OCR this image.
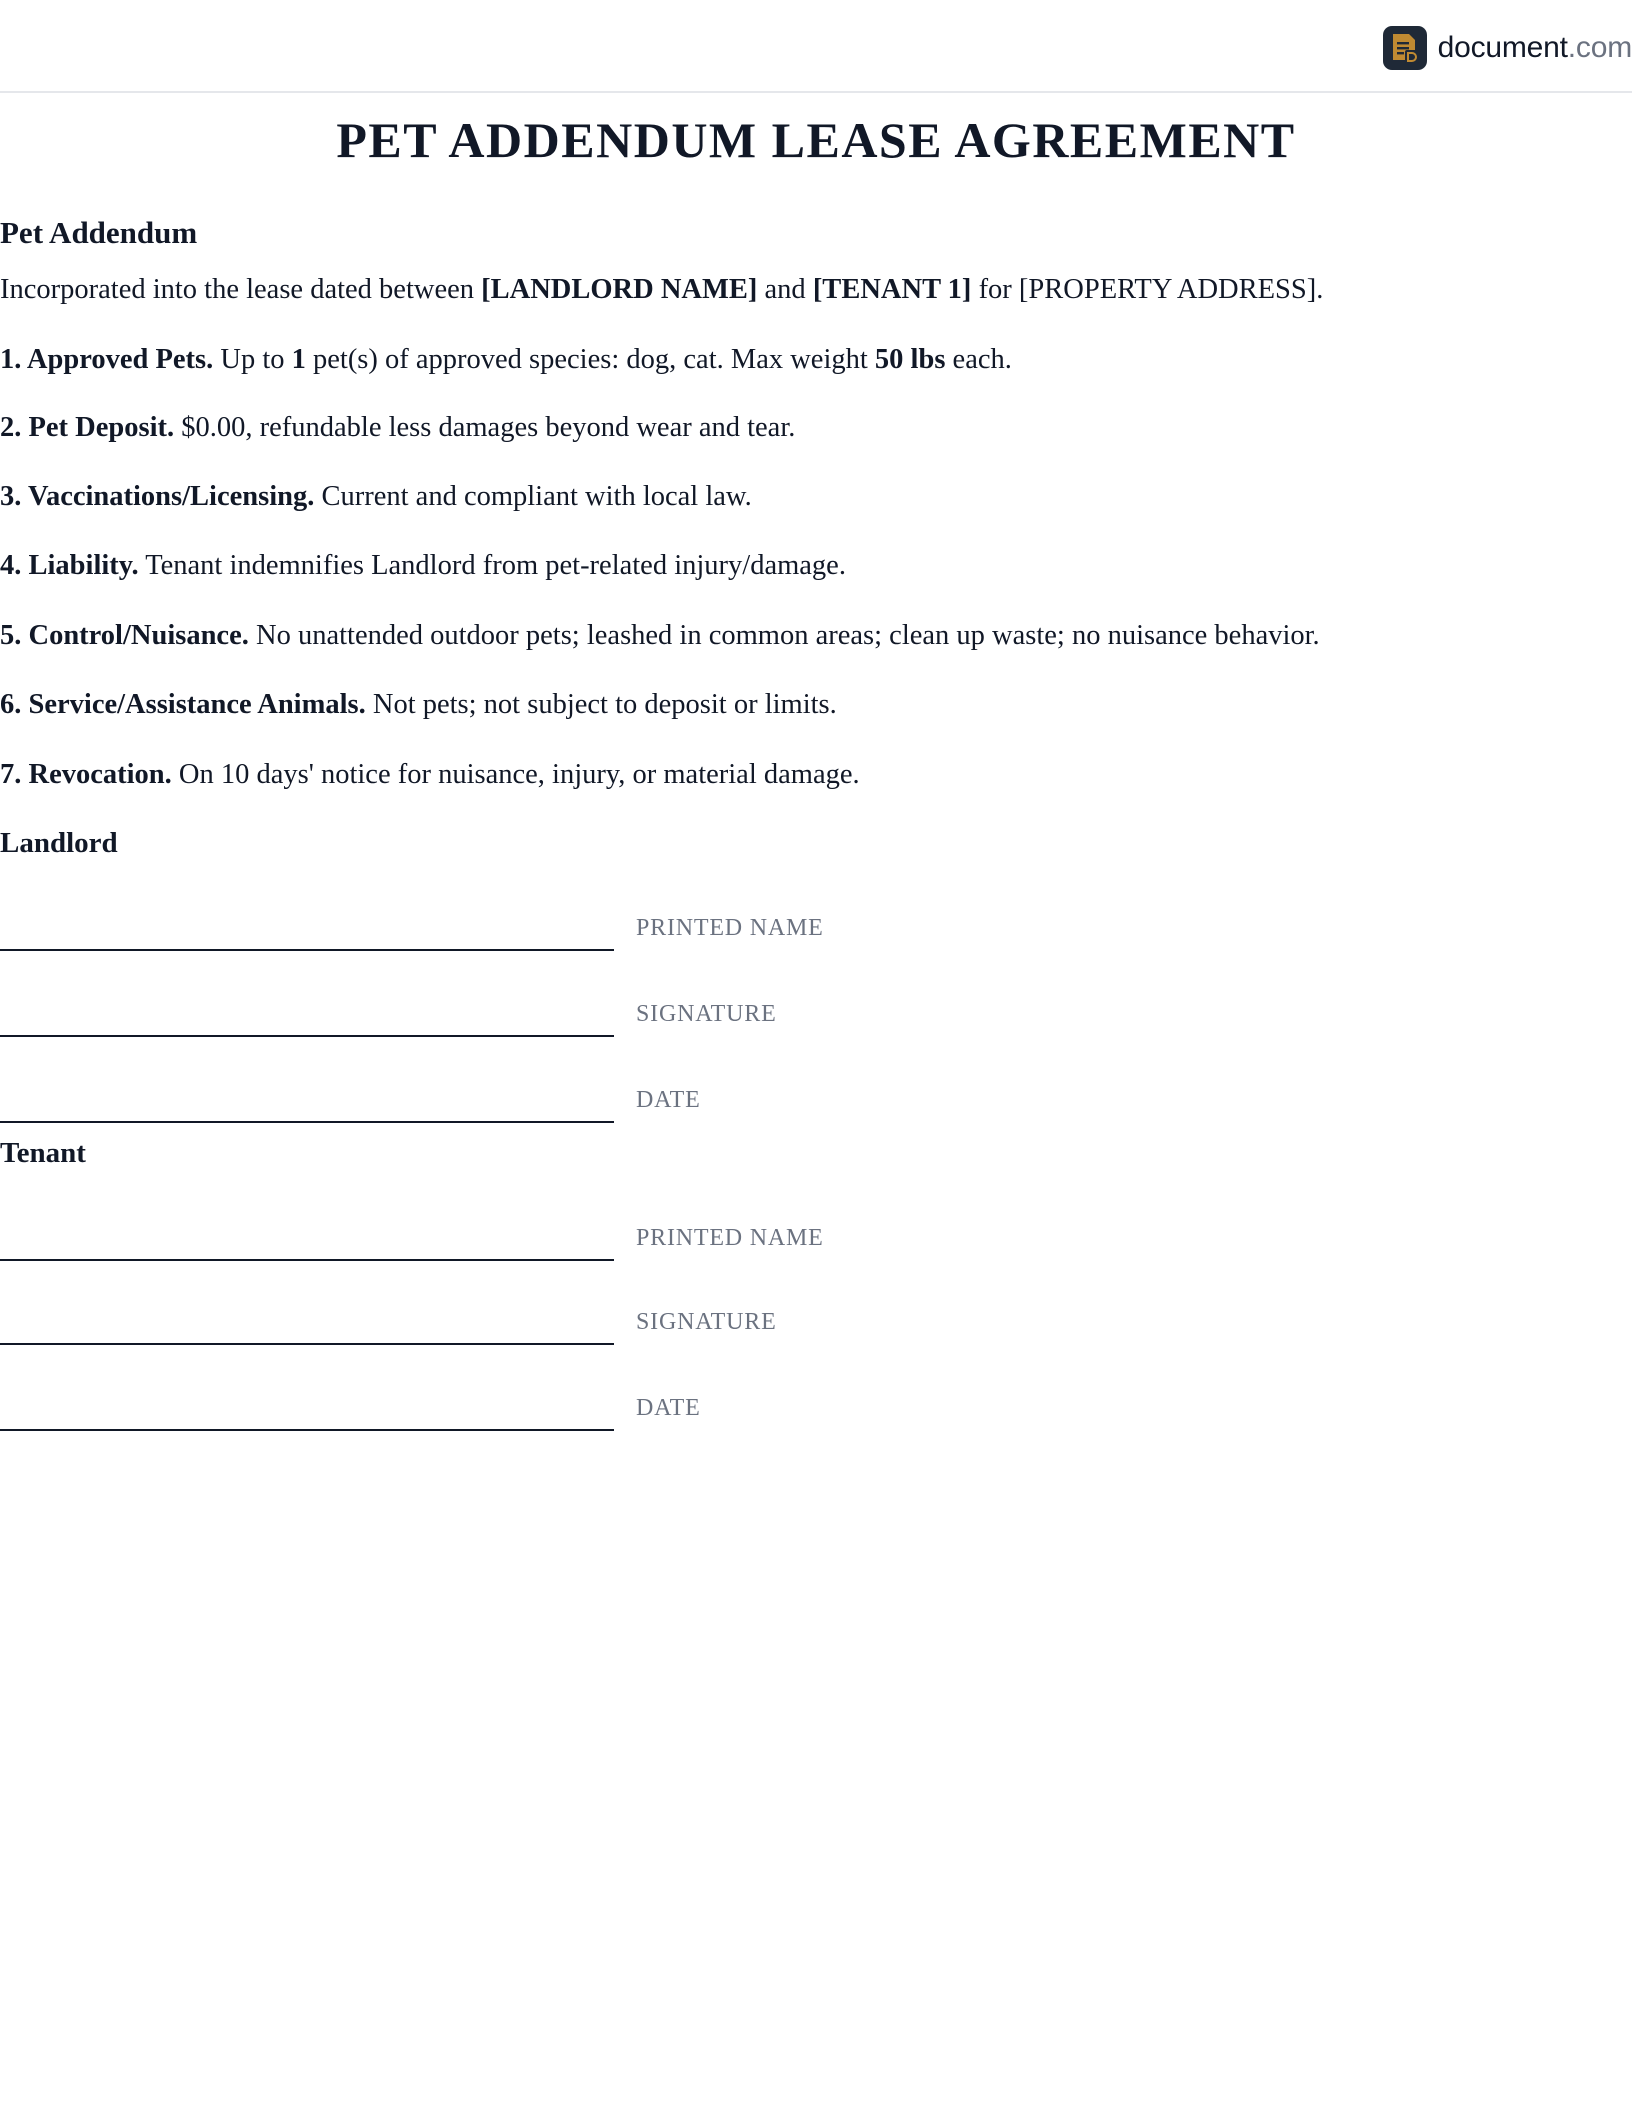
document.com
PET ADDENDUM LEASE AGREEMENT
Pet Addendum

Incorporated into the lease dated between [LANDLORD NAME] and [TENANT 1] for [PROPERTY ADDRESS].

1. Approved Pets. Up to 1 pet(s) of approved species: dog, cat. Max weight 50 lbs each.

2. Pet Deposit. $0.00, refundable less damages beyond wear and tear.

3. Vaccinations/Licensing. Current and compliant with local law.

4. Liability. Tenant indemnifies Landlord from pet-related injury/damage.

5. Control/Nuisance. No unattended outdoor pets; leashed in common areas; clean up waste; no nuisance behavior.

6. Service/Assistance Animals. Not pets; not subject to deposit or limits.

7. Revocation. On 10 days' notice for nuisance, injury, or material damage.

Landlord
PRINTED NAME
SIGNATURE
DATE
Tenant
PRINTED NAME
SIGNATURE
DATE
